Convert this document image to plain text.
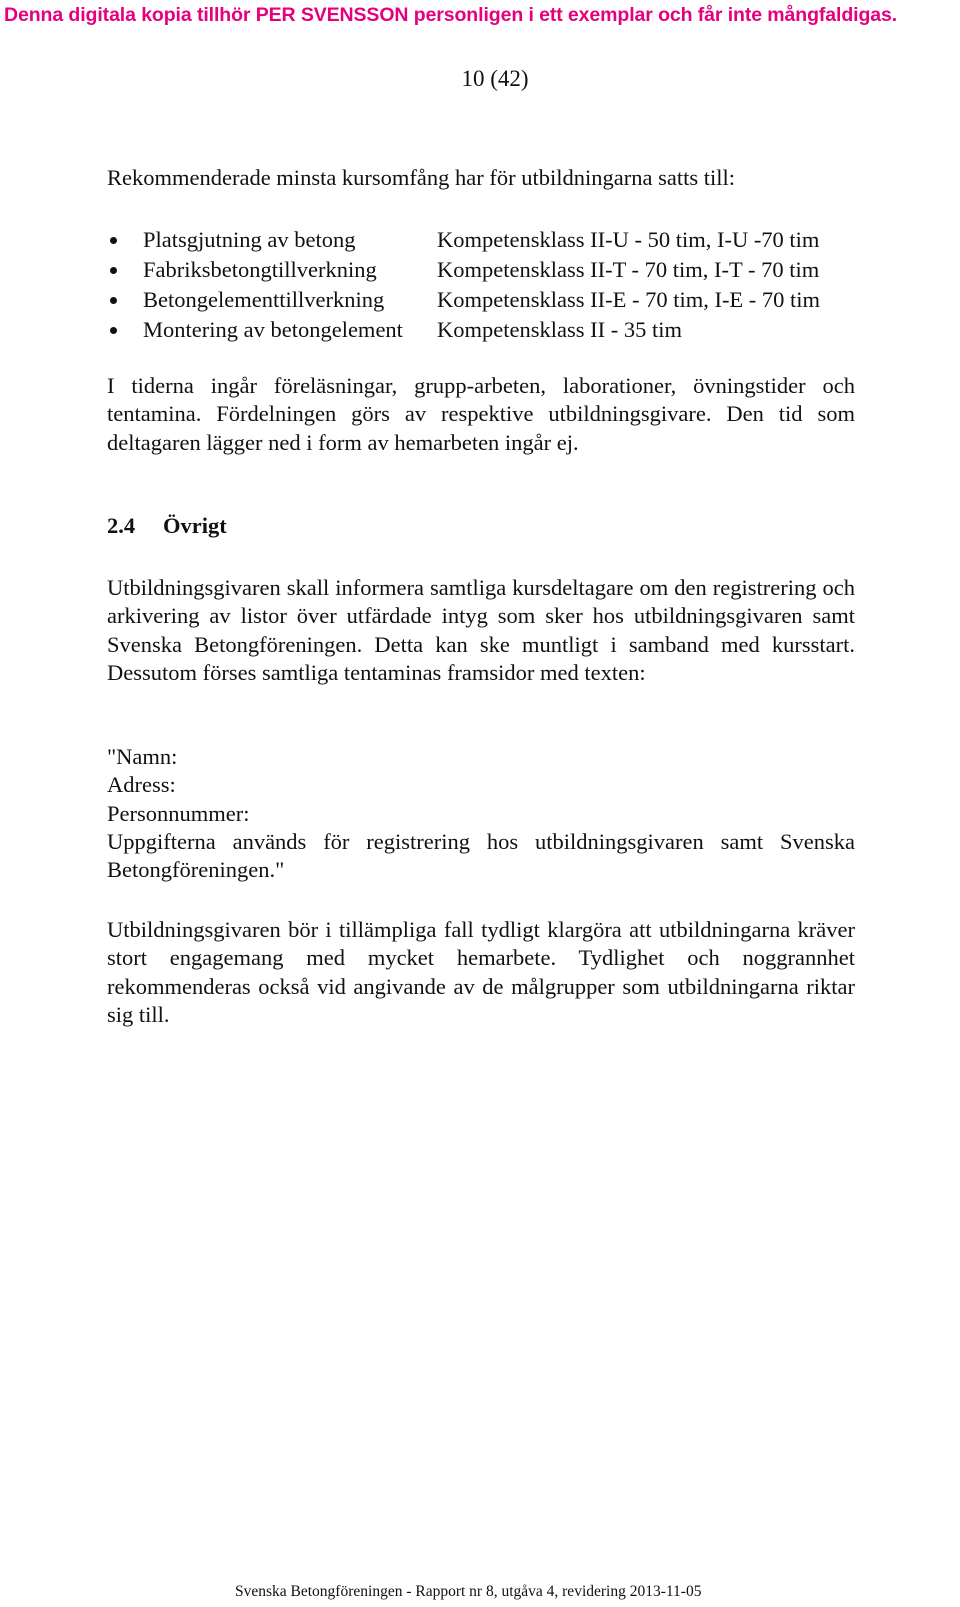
Denna digitala kopia tillhör PER SVENSSON personligen i ett exemplar och får inte mångfaldigas.
10 (42)
Rekommenderade minsta kursomfång har för utbildningarna satts till:
Platsgjutning av betong	Kompetensklass II-U - 50 tim, I-U -70 tim
Fabriksbetongtillverkning	Kompetensklass II-T - 70 tim, I-T - 70 tim
Betongelementtillverkning Kompetensklass II-E - 70 tim, I-E - 70 tim
Montering av betongelement Kompetensklass II - 35 tim
I tiderna ingår föreläsningar, grupp-arbeten, laborationer, övningstider och tentamina. Fördelningen görs av respektive utbildningsgivare. Den tid som deltagaren lägger ned i form av hemarbeten ingår ej.
2.4 Övrigt
Utbildningsgivaren skall informera samtliga kursdeltagare om den registrering och arkivering av listor över utfärdade intyg som sker hos utbildningsgivaren samt Svenska Betongföreningen. Detta kan ske muntligt i samband med kursstart. Dessutom förses samtliga tentaminas framsidor med texten:
"Namn:
Adress:
Personnummer:
Uppgifterna används för registrering hos utbildningsgivaren samt Svenska Betongföreningen."
Utbildningsgivaren bör i tillämpliga fall tydligt klargöra att utbildningarna kräver stort engagemang med mycket hemarbete. Tydlighet och noggrannhet rekommenderas också vid angivande av de målgrupper som utbildningarna riktar sig till.
Svenska Betongföreningen - Rapport nr 8, utgåva 4, revidering 2013-11-05
